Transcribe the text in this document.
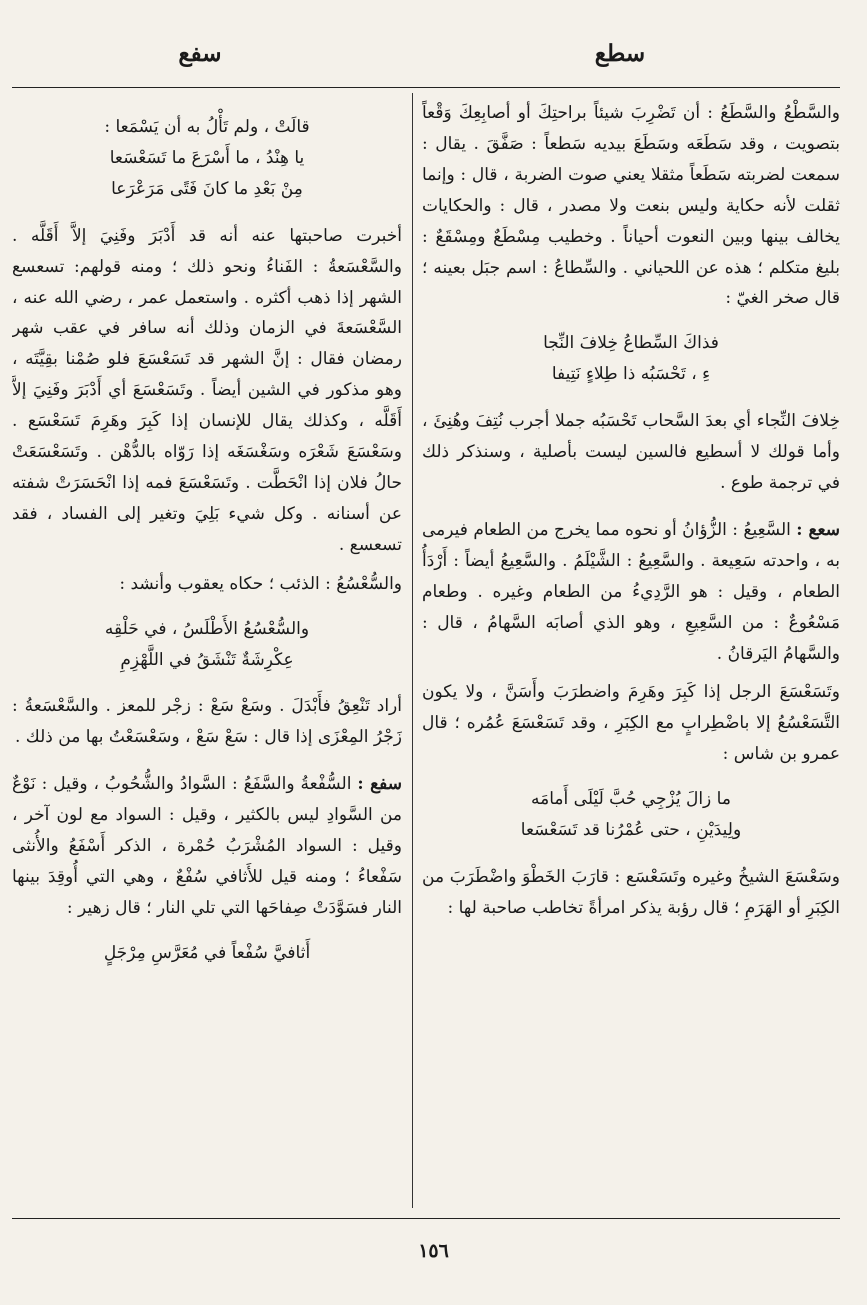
سطع
سفع

والسَّطْعُ والسَّطَعُ : أن تَضْرِبَ شيئاً براحتِكَ أو أصابِعِكَ وَقْعاً بتصويت ، وقد سَطَعَه وسَطَعَ بيديه سَطعاً : صَفَّقَ . يقال : سمعت لضربته سَطَعاً مثقلا يعني صوت الضربة ، قال : وإنما ثقلت لأنه حكاية وليس بنعت ولا مصدر ، قال : والحكايات يخالف بينها وبين النعوت أحياناً . وخطيب مِسْطَعٌ ومِسْقَعٌ : بليغ متكلم ؛ هذه عن اللحياني . والسِّطاعُ : اسم جبَل بعينه ؛ قال صخر الغيّ :

فذاكَ السِّطاعُ خِلافَ النِّجا
ءِ ، تَحْسَبُه ذا طِلاءٍ نَتِيفا

خِلافَ النِّجاء أي بعدَ السَّحاب تَحْسَبُه جملا أجرب نُتِفَ وهُنِئَ ، وأما قولك لا أسطيع فالسين ليست بأصلية ، وسنذكر ذلك في ترجمة طوع .

سعع : السَّعِيعُ : الزُّؤانُ أو نحوه مما يخرج من الطعام فيرمى به ، واحدته سَعِيعة . والسَّعِيعُ : الشَّيْلَمُ . والسَّعِيعُ أيضاً : أَرْدَأُ الطعام ، وقيل : هو الرَّدِيءُ من الطعام وغيره . وطعام مَسْعُوعٌ : من السَّعِيعِ ، وهو الذي أصابَه السَّهامُ ، قال : والسَّهامُ اليَرقانُ .

وتَسَعْسَعَ الرجل إذا كَبِرَ وهَرِمَ واضطرَبَ وأَسَنَّ ، ولا يكون التَّسَعْسُعُ إلا باضْطِرابٍ مع الكِبَرِ ، وقد تَسَعْسَعَ عُمُره ؛ قال عمرو بن شاس :

ما زالَ يُزْجِي حُبَّ لَيْلَى أَمامَه
ولِيدَيْنِ ، حتى عُمْرُنا قد تَسَعْسَعا

وسَعْسَعَ الشيخُ وغيره وتَسَعْسَع : قارَبَ الخَطْوَ واضْطَرَبَ من الكِبَرِ أو الهَرَمِ ؛ قال رؤبة يذكر امرأةً تخاطب صاحبة لها :

قالَتْ ، ولم تَأْلُ به أن يَسْمَعا :
يا هِنْدُ ، ما أَسْرَعَ ما تَسَعْسَعا
مِنْ بَعْدِ ما كانَ فَتًى مَرَعْرَعا

أخبرت صاحبتها عنه أنه قد أَدْبَرَ وفَنِيَ إلاَّ أَقَلَّه . والسَّعْسَعةُ : الفَناءُ ونحو ذلك ؛ ومنه قولهم: تسعسع الشهر إذا ذهب أكثره . واستعمل عمر ، رضي الله عنه ، السَّعْسَعةَ في الزمان وذلك أنه سافر في عقب شهر رمضان فقال : إنَّ الشهر قد تَسَعْسَعَ فلو صُمْنا بقِيَّتَه ، وهو مذكور في الشين أيضاً . وتَسَعْسَعَ أي أَدْبَرَ وفَنِيَ إلاَّ أَقَلَّه ، وكذلك يقال للإنسان إذا كَبِرَ وهَرِمَ تَسَعْسَع . وسَعْسَعَ شَعْرَه وسَغْسَغَه إذا رَوّاه بالدُّهْن . وتَسَعْسَعَتْ حالُ فلان إذا انْحَطَّت . وتَسَعْسَعَ فمه إذا انْحَسَرَتْ شفته عن أسنانه . وكل شيء بَلِيَ وتغير إلى الفساد ، فقد تسعسع .

والسُّعْسُعُ : الذئب ؛ حكاه يعقوب وأنشد :

والسُّعْسُعُ الأَطْلَسُ ، في حَلْقِه
عِكْرِشَةٌ تَنْشَقُ في اللَّهْزِمِ

أراد تَنْعِقُ فأَبْدَلَ . وسَعْ سَعْ : زجْر للمعز . والسَّعْسَعةُ : زَجْرُ المِعْزَى إذا قال : سَعْ سَعْ ، وسَعْسَعْتُ بها من ذلك .

سفع : السُّفْعةُ والسَّفَعُ : السَّوادُ والشُّحُوبُ ، وقيل : نَوْعٌ من السَّوادِ ليس بالكثير ، وقيل : السواد مع لون آخر ، وقيل : السواد المُشْرَبُ حُمْرة ، الذكر أَسْفَعُ والأُنثى سَفْعاءُ ؛ ومنه قيل للأَثافي سُفْعٌ ، وهي التي أُوقِدَ بينها النار فسَوَّدَتْ صِفاحَها التي تلي النار ؛ قال زهير :

أَثافيَّ سُفْعاً في مُعَرَّسِ مِرْجَلٍ
١٥٦
